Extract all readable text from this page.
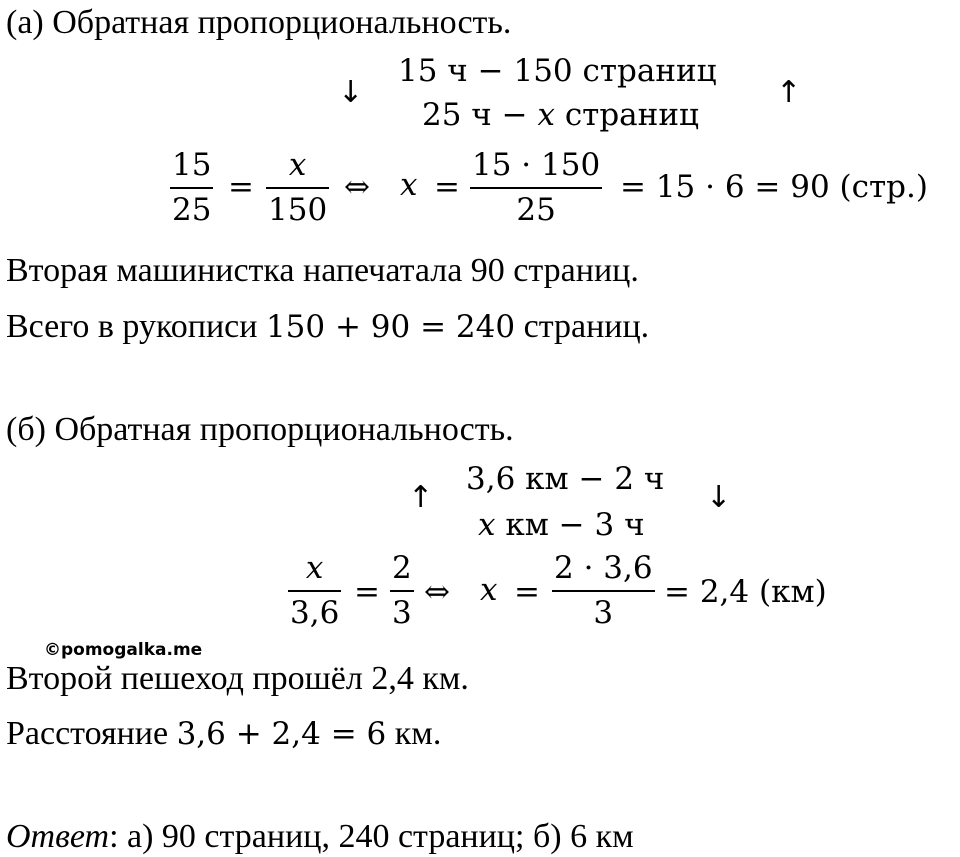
(а) Обратная пропорциональность.
↓
15 ч − 150 страниц
25 ч − x страниц
↑
15
25
=
x
150
⇔ x =
15 · 150
25
= 15 · 6 = 90 (стр.)
Вторая машинистка напечатала 90 страниц.
Всего в рукописи 150 + 90 = 240 страниц.
(б) Обратная пропорциональность.
↑
3,6 км − 2 ч
x км − 3 ч
↓
x
3,6
=
2
3
⇔ x =
2 · 3,6
3
= 2,4 (км)
©pomogalka.me
Второй пешеход прошёл 2,4 км.
Расстояние 3,6 + 2,4 = 6 км.
Ответ: а) 90 страниц, 240 страниц; б) 6 км
